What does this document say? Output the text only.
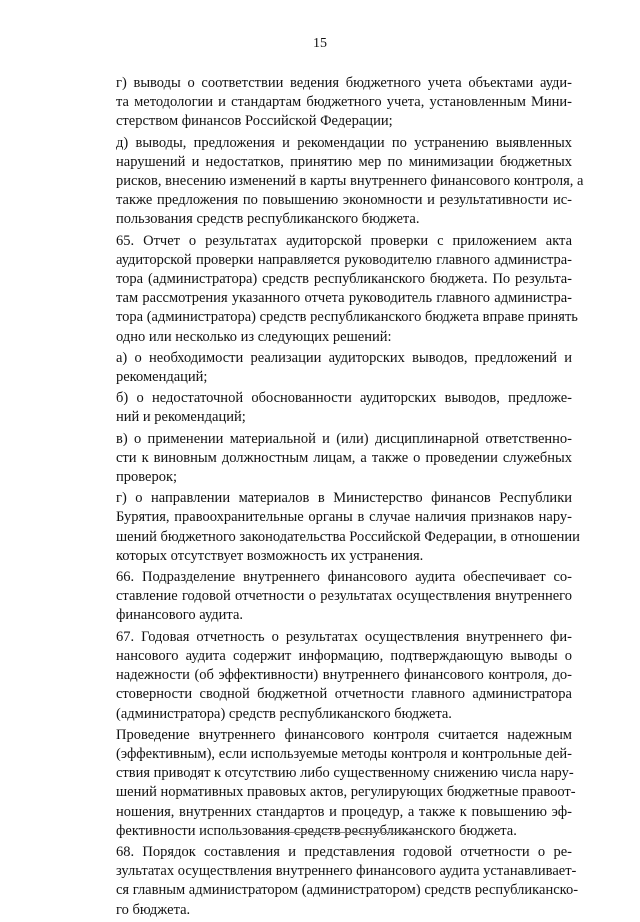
15

г) выводы о соответствии ведения бюджетного учета объектами ауди-
та методологии и стандартам бюджетного учета, установленным Мини-
стерством финансов Российской Федерации;

д) выводы, предложения и рекомендации по устранению выявленных
нарушений и недостатков, принятию мер по минимизации бюджетных
рисков, внесению изменений в карты внутреннего финансового контроля, а
также предложения по повышению экономности и результативности ис-
пользования средств республиканского бюджета.

65. Отчет о результатах аудиторской проверки с приложением акта
аудиторской проверки направляется руководителю главного администра-
тора (администратора) средств республиканского бюджета. По результа-
там рассмотрения указанного отчета руководитель главного администра-
тора (администратора) средств республиканского бюджета вправе принять
одно или несколько из следующих решений:

а) о необходимости реализации аудиторских выводов, предложений и
рекомендаций;

б) о недостаточной обоснованности аудиторских выводов, предложе-
ний и рекомендаций;

в) о применении материальной и (или) дисциплинарной ответственно-
сти к виновным должностным лицам, а также о проведении служебных
проверок;

г) о направлении материалов в Министерство финансов Республики
Бурятия, правоохранительные органы в случае наличия признаков нару-
шений бюджетного законодательства Российской Федерации, в отношении
которых отсутствует возможность их устранения.

66. Подразделение внутреннего финансового аудита обеспечивает со-
ставление годовой отчетности о результатах осуществления внутреннего
финансового аудита.

67. Годовая отчетность о результатах осуществления внутреннего фи-
нансового аудита содержит информацию, подтверждающую выводы о
надежности (об эффективности) внутреннего финансового контроля, до-
стоверности сводной бюджетной отчетности главного администратора
(администратора) средств республиканского бюджета.

Проведение внутреннего финансового контроля считается надежным
(эффективным), если используемые методы контроля и контрольные дей-
ствия приводят к отсутствию либо существенному снижению числа нару-
шений нормативных правовых актов, регулирующих бюджетные правоот-
ношения, внутренних стандартов и процедур, а также к повышению эф-
фективности использования средств республиканского бюджета.

68. Порядок составления и представления годовой отчетности о ре-
зультатах осуществления внутреннего финансового аудита устанавливает-
ся главным администратором (администратором) средств республиканско-
го бюджета.
